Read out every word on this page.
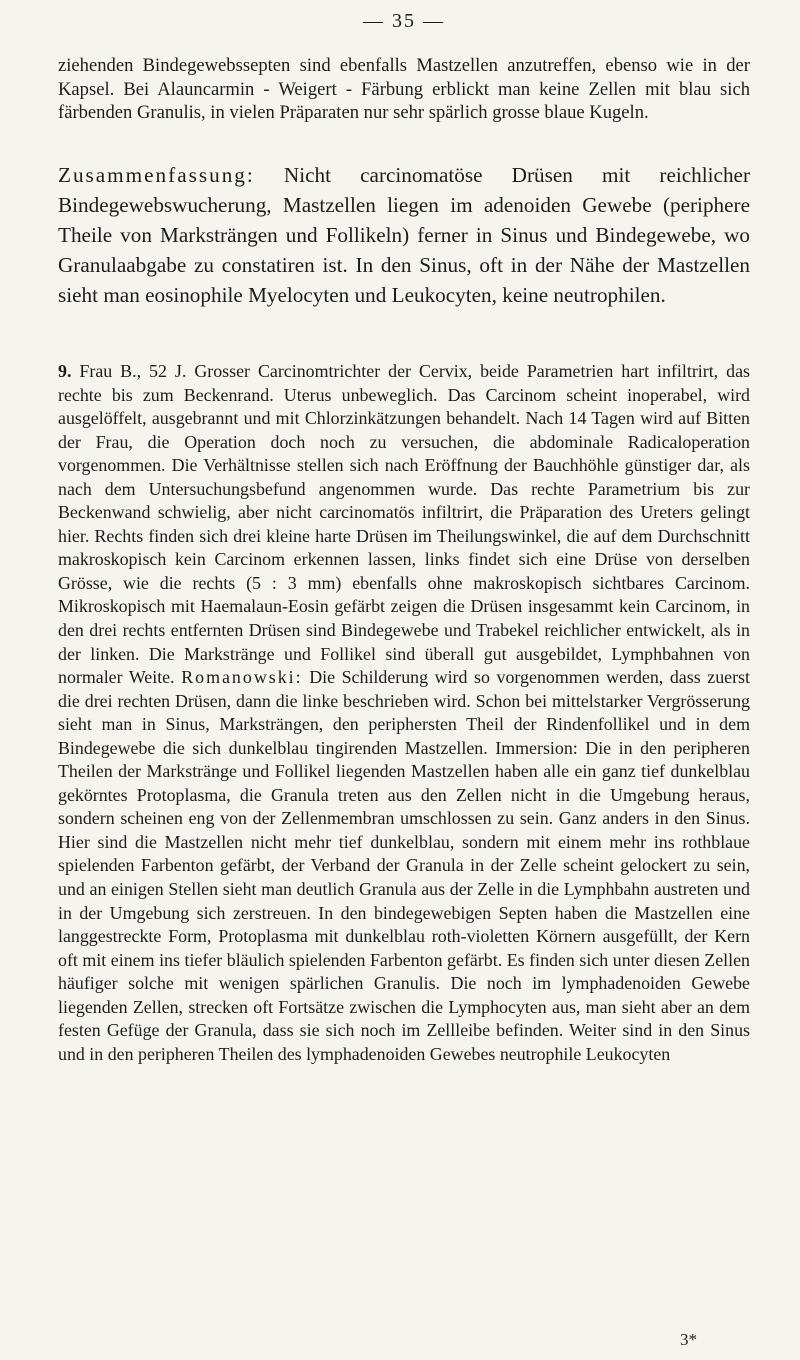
— 35 —

ziehenden Bindegewebssepten sind ebenfalls Mastzellen anzutreffen, ebenso wie in der Kapsel. Bei Alauncarmin - Weigert - Färbung erblickt man keine Zellen mit blau sich färbenden Granulis, in vielen Präparaten nur sehr spärlich grosse blaue Kugeln.

Zusammenfassung: Nicht carcinomatöse Drüsen mit reichlicher Bindegewebswucherung, Mastzellen liegen im adenoiden Gewebe (periphere Theile von Marksträngen und Follikeln) ferner in Sinus und Bindegewebe, wo Granulaabgabe zu constatiren ist. In den Sinus, oft in der Nähe der Mastzellen sieht man eosinophile Myelocyten und Leukocyten, keine neutrophilen.

9. Frau B., 52 J. Grosser Carcinomtrichter der Cervix, beide Parametrien hart infiltrirt, das rechte bis zum Beckenrand. Uterus unbeweglich. Das Carcinom scheint inoperabel, wird ausgelöffelt, ausgebrannt und mit Chlorzinkätzungen behandelt. Nach 14 Tagen wird auf Bitten der Frau, die Operation doch noch zu versuchen, die abdominale Radicaloperation vorgenommen. Die Verhältnisse stellen sich nach Eröffnung der Bauchhöhle günstiger dar, als nach dem Untersuchungsbefund angenommen wurde. Das rechte Parametrium bis zur Beckenwand schwielig, aber nicht carcinomatös infiltrirt, die Präparation des Ureters gelingt hier. Rechts finden sich drei kleine harte Drüsen im Theilungswinkel, die auf dem Durchschnitt makroskopisch kein Carcinom erkennen lassen, links findet sich eine Drüse von derselben Grösse, wie die rechts (5 : 3 mm) ebenfalls ohne makroskopisch sichtbares Carcinom. Mikroskopisch mit Haemalaun-Eosin gefärbt zeigen die Drüsen insgesammt kein Carcinom, in den drei rechts entfernten Drüsen sind Bindegewebe und Trabekel reichlicher entwickelt, als in der linken. Die Markstränge und Follikel sind überall gut ausgebildet, Lymphbahnen von normaler Weite. Romanowski: Die Schilderung wird so vorgenommen werden, dass zuerst die drei rechten Drüsen, dann die linke beschrieben wird. Schon bei mittelstarker Vergrösserung sieht man in Sinus, Marksträngen, den periphersten Theil der Rindenfollikel und in dem Bindegewebe die sich dunkelblau tingirenden Mastzellen. Immersion: Die in den peripheren Theilen der Markstränge und Follikel liegenden Mastzellen haben alle ein ganz tief dunkelblau gekörntes Protoplasma, die Granula treten aus den Zellen nicht in die Umgebung heraus, sondern scheinen eng von der Zellenmembran umschlossen zu sein. Ganz anders in den Sinus. Hier sind die Mastzellen nicht mehr tief dunkelblau, sondern mit einem mehr ins rothblaue spielenden Farbenton gefärbt, der Verband der Granula in der Zelle scheint gelockert zu sein, und an einigen Stellen sieht man deutlich Granula aus der Zelle in die Lymphbahn austreten und in der Umgebung sich zerstreuen. In den bindegewebigen Septen haben die Mastzellen eine langgestreckte Form, Protoplasma mit dunkelblau roth-violetten Körnern ausgefüllt, der Kern oft mit einem ins tiefer bläulich spielenden Farbenton gefärbt. Es finden sich unter diesen Zellen häufiger solche mit wenigen spärlichen Granulis. Die noch im lymphadenoiden Gewebe liegenden Zellen, strecken oft Fortsätze zwischen die Lymphocyten aus, man sieht aber an dem festen Gefüge der Granula, dass sie sich noch im Zellleibe befinden. Weiter sind in den Sinus und in den peripheren Theilen des lymphadenoiden Gewebes neutrophile Leukocyten

3*
